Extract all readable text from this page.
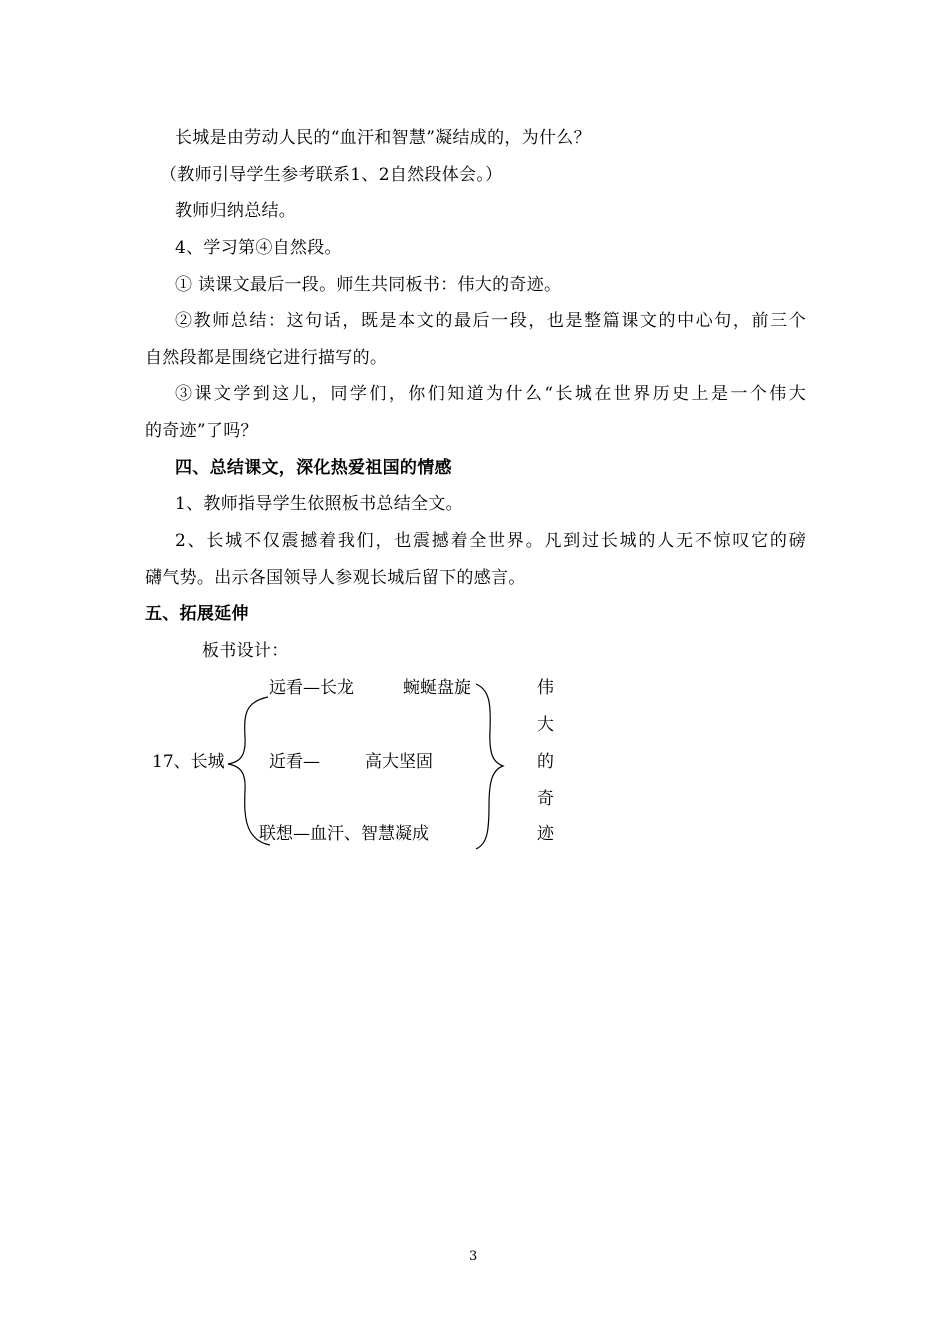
长城是由劳动人民的“血汗和智慧”凝结成的，为什么？
（教师引导学生参考联系1、2自然段体会。）
教师归纳总结。
4、学习第④自然段。
① 读课文最后一段。师生共同板书：伟大的奇迹。
②教师总结：这句话，既是本文的最后一段，也是整篇课文的中心句，前三个
自然段都是围绕它进行描写的。
③课文学到这儿，同学们，你们知道为什么“长城在世界历史上是一个伟大
的奇迹”了吗？
四、总结课文，深化热爱祖国的情感
1、教师指导学生依照板书总结全文。
2、长城不仅震撼着我们，也震撼着全世界。凡到过长城的人无不惊叹它的磅
礴气势。出示各国领导人参观长城后留下的感言。
五、拓展延伸
板书设计：
17、长城
远看—长龙	蜿蜒盘旋
近看—	高大坚固
联想—血汗、智慧凝成
伟
大
的
奇
迹
3
